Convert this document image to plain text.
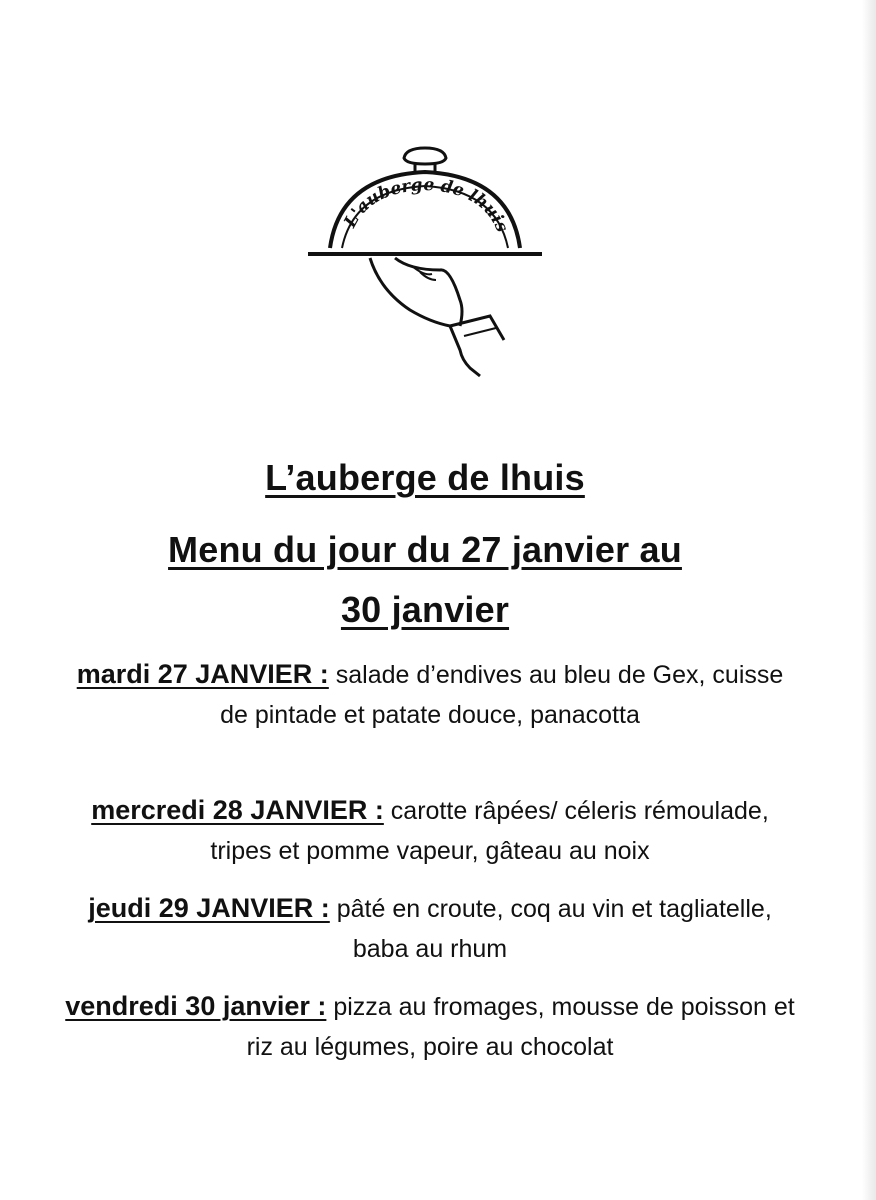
L'auberge de lhuis
L’auberge de lhuis
Menu du jour du 27 janvier au
30 janvier
mardi 27 JANVIER : salade d’endives au bleu de Gex, cuisse de pintade et patate douce, panacotta
mercredi 28 JANVIER : carotte râpées/ céleris rémoulade, tripes et pomme vapeur, gâteau au noix
jeudi 29 JANVIER : pâté en croute, coq au vin et tagliatelle, baba au rhum
vendredi 30 janvier : pizza au fromages, mousse de poisson et riz au légumes, poire au chocolat
